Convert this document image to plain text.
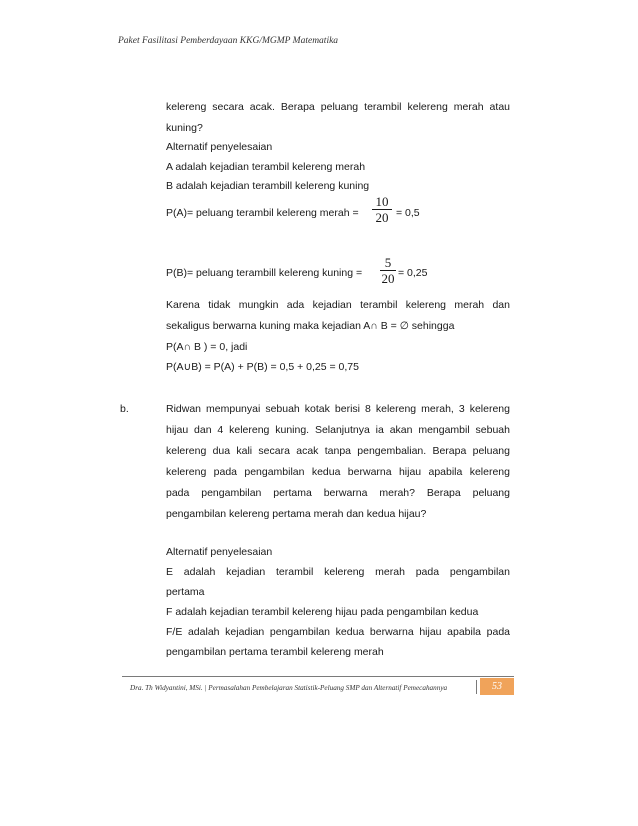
Paket Fasilitasi Pemberdayaan KKG/MGMP Matematika
kelereng secara acak. Berapa peluang terambil kelereng merah atau
kuning?
Alternatif penyelesaian
A adalah kejadian terambil kelereng merah
B adalah kejadian terambill kelereng kuning
P(A)= peluang terambil kelereng merah =
10
20 = 0,5
P(B)= peluang terambill kelereng kuning =
5
20 = 0,25
Karena tidak mungkin ada kejadian terambil kelereng merah dan
sekaligus berwarna kuning maka kejadian A∩ B = ∅ sehingga
P(A∩ B ) = 0, jadi
P(A∪B) = P(A) + P(B) = 0,5 + 0,25 = 0,75
b.	Ridwan mempunyai sebuah kotak berisi 8 kelereng merah, 3 kelereng
hijau dan 4 kelereng kuning. Selanjutnya ia akan mengambil sebuah
kelereng dua kali secara acak tanpa pengembalian. Berapa peluang
kelereng pada pengambilan kedua berwarna hijau apabila kelereng
pada pengambilan pertama berwarna merah? Berapa peluang
pengambilan kelereng pertama merah dan kedua hijau?
Alternatif penyelesaian
E adalah kejadian terambil kelereng merah pada pengambilan
pertama
F adalah kejadian terambil kelereng hijau pada pengambilan kedua
F/E adalah kejadian pengambilan kedua berwarna hijau apabila pada
pengambilan pertama terambil kelereng merah
Dra. Th Widyantini, MSi. | Permasalahan Pembelajaran Statistik-Peluang SMP dan Alternatif Pemecahannya	53
